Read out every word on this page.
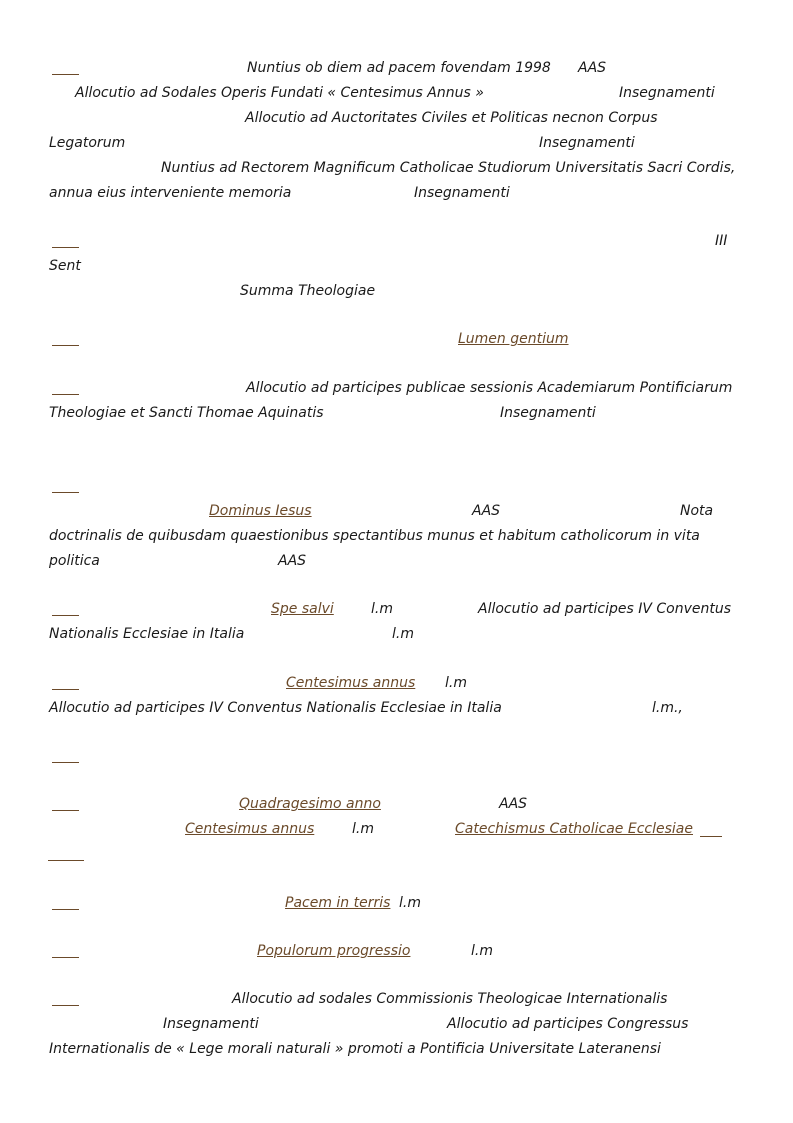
Nuntius ob diem ad pacem fovendam 1998 AAS
Allocutio ad Sodales Operis Fundati « Centesimus Annus »	Insegnamenti
Allocutio ad Auctoritates Civiles et Politicas necnon Corpus
Legatorum	Insegnamenti
Nuntius ad Rectorem Magnificum Catholicae Studiorum Universitatis Sacri Cordis,
annua eius interveniente memoria	Insegnamenti
III
Sent
Summa Theologiae
Lumen gentium
Allocutio ad participes publicae sessionis Academiarum Pontificiarum
Theologiae et Sancti Thomae Aquinatis	Insegnamenti
Dominus Iesus	AAS	Nota
doctrinalis de quibusdam quaestionibus spectantibus munus et habitum catholicorum in vita
politica	AAS
Spe salvi	l.m	Allocutio ad participes IV Conventus
Nationalis Ecclesiae in Italia	l.m
Centesimus annus l.m
Allocutio ad participes IV Conventus Nationalis Ecclesiae in Italia	l.m.,
Quadragesimo anno	AAS
Centesimus annus	l.m	Catechismus Catholicae Ecclesiae
Pacem in terris l.m
Populorum progressio	l.m
Allocutio ad sodales Commissionis Theologicae Internationalis
Insegnamenti	Allocutio ad participes Congressus
Internationalis de « Lege morali naturali » promoti a Pontificia Universitate Lateranensi
